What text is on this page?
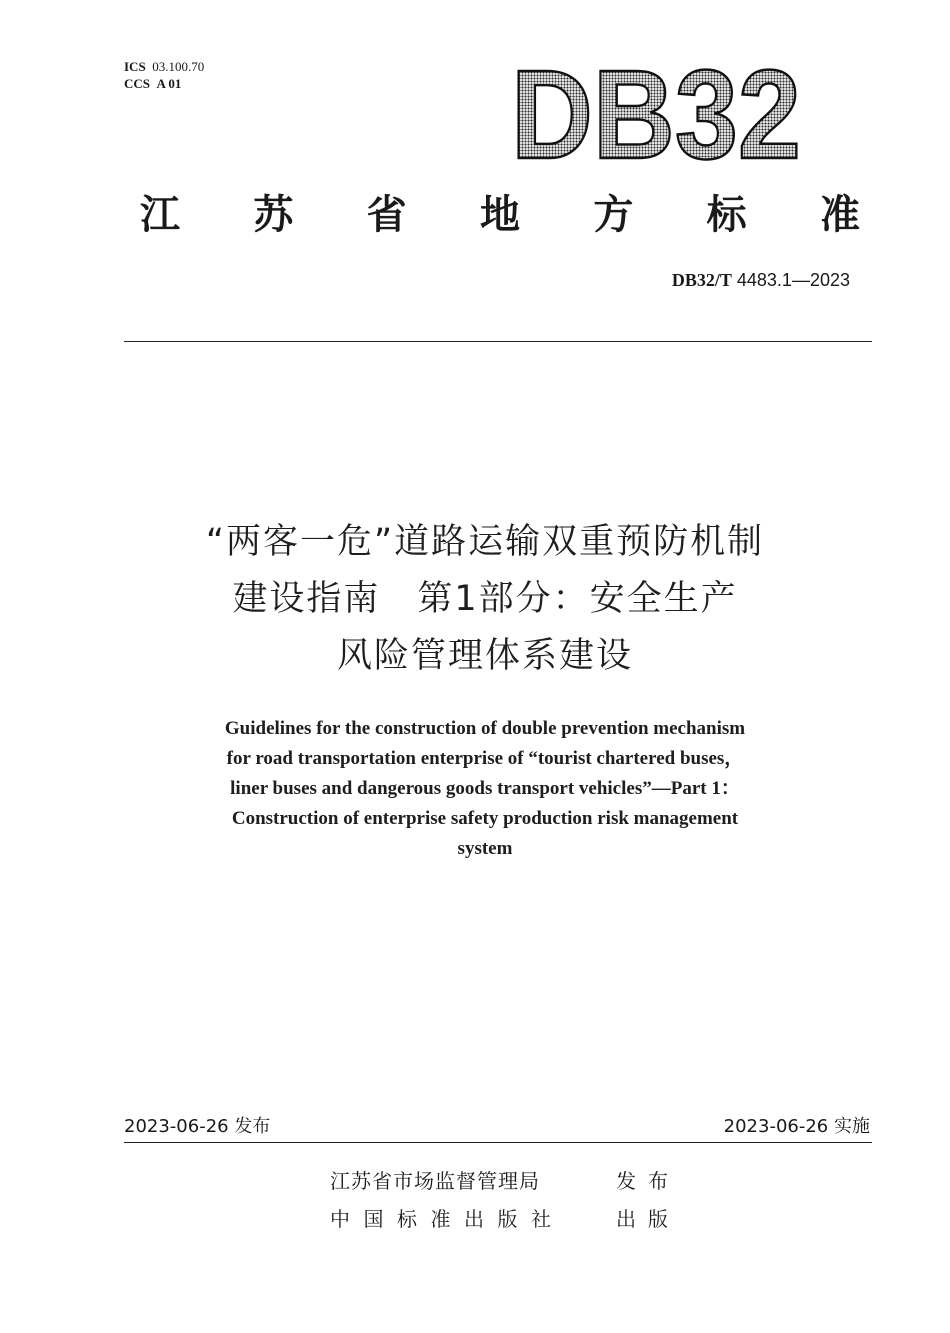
ICS 03.100.70
CCS A 01	DB32
江 苏 省 地 方 标 准
DB32/T 4483.1—2023
“两客一危”道路运输双重预防机制
建设指南　第1部分：安全生产
风险管理体系建设
Guidelines for the construction of double prevention mechanism
for road transportation enterprise of “tourist chartered buses，
liner buses and dangerous goods transport vehicles”—Part 1：
Construction of enterprise safety production risk management
system
2023-06-26 发布	2023-06-26 实施
江苏省市场监督管理局	发布
中国标准出版社	出版
